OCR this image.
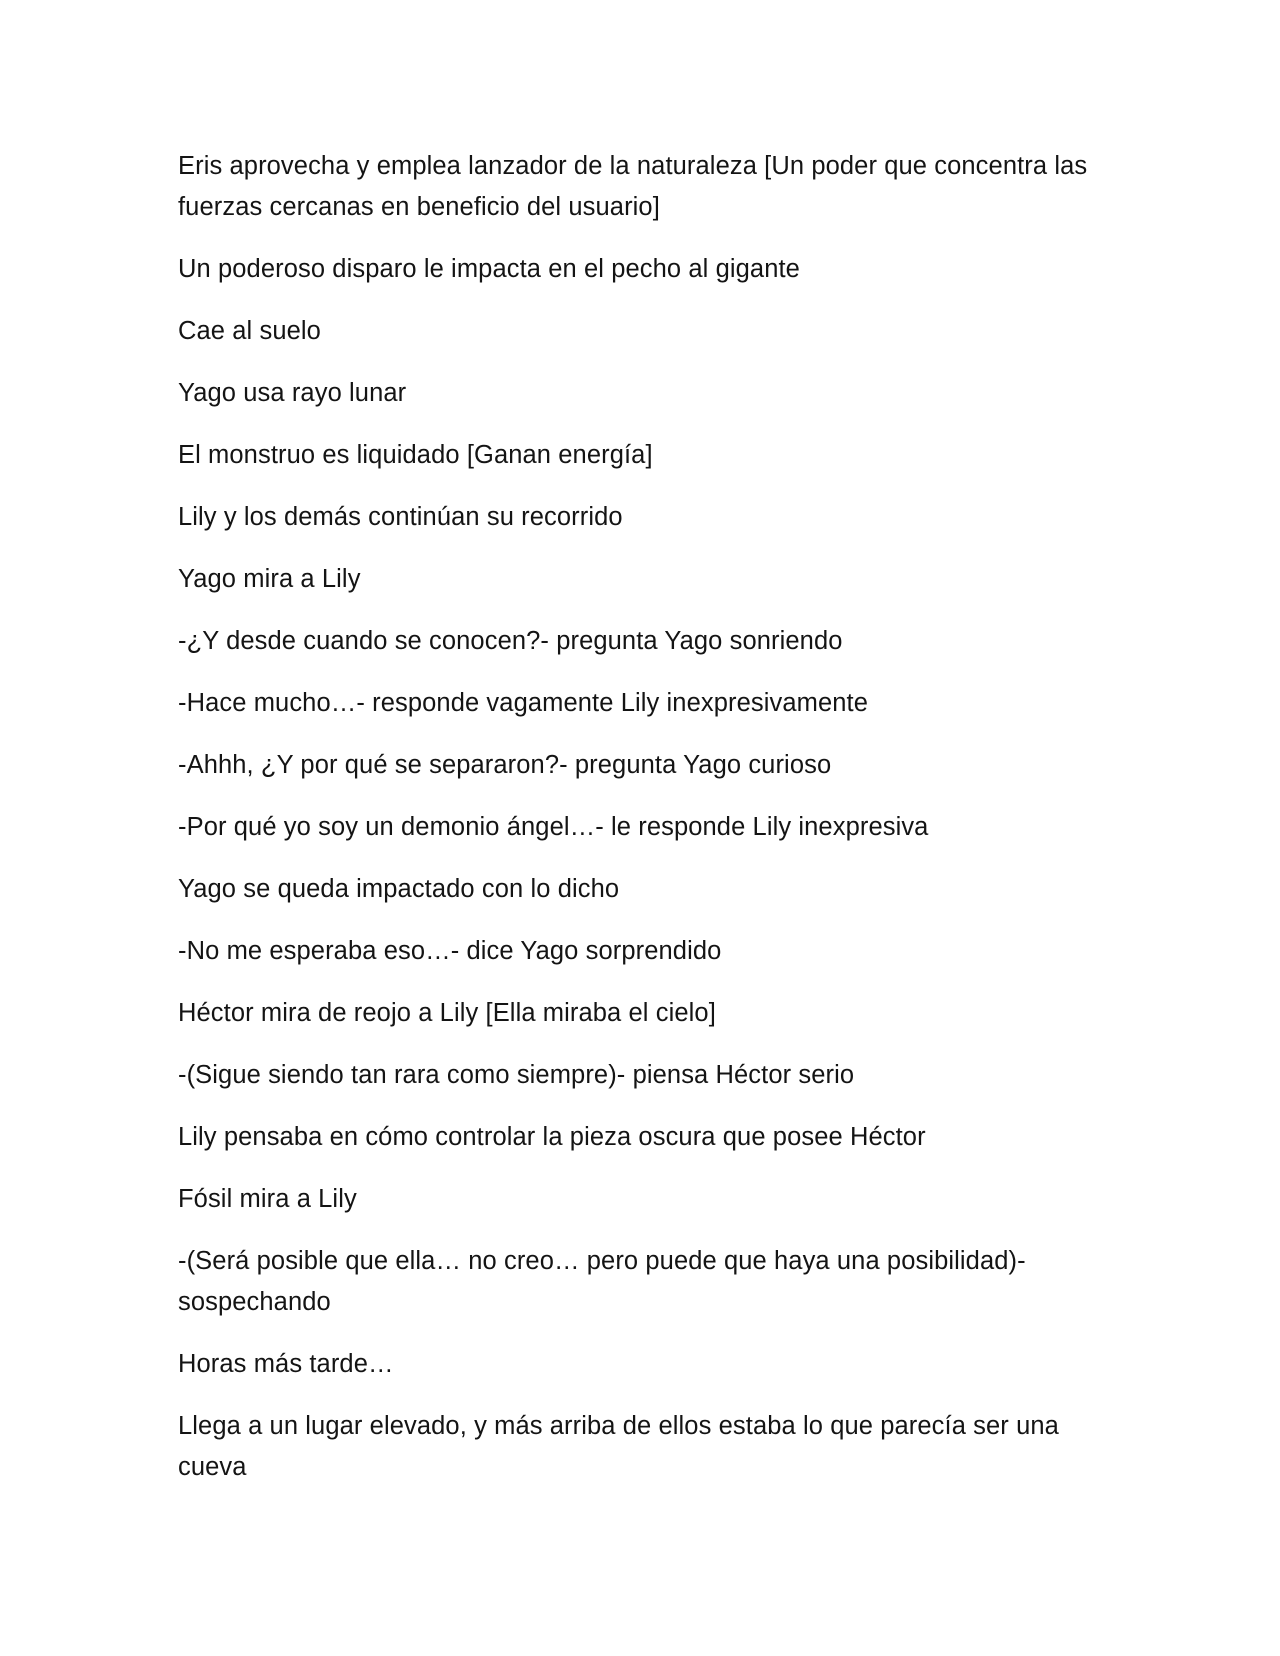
Eris aprovecha y emplea lanzador de la naturaleza [Un poder que concentra las fuerzas cercanas en beneficio del usuario]

Un poderoso disparo le impacta en el pecho al gigante

Cae al suelo

Yago usa rayo lunar

El monstruo es liquidado [Ganan energía]

Lily y los demás continúan su recorrido

Yago mira a Lily

-¿Y desde cuando se conocen?- pregunta Yago sonriendo

-Hace mucho…- responde vagamente Lily inexpresivamente

-Ahhh, ¿Y por qué se separaron?- pregunta Yago curioso

-Por qué yo soy un demonio ángel…- le responde Lily inexpresiva

Yago se queda impactado con lo dicho

-No me esperaba eso…- dice Yago sorprendido

Héctor mira de reojo a Lily [Ella miraba el cielo]

-(Sigue siendo tan rara como siempre)- piensa Héctor serio

Lily pensaba en cómo controlar la pieza oscura que posee Héctor

Fósil mira a Lily

-(Será posible que ella… no creo… pero puede que haya una posibilidad)- sospechando

Horas más tarde…

Llega a un lugar elevado, y más arriba de ellos estaba lo que parecía ser una cueva
